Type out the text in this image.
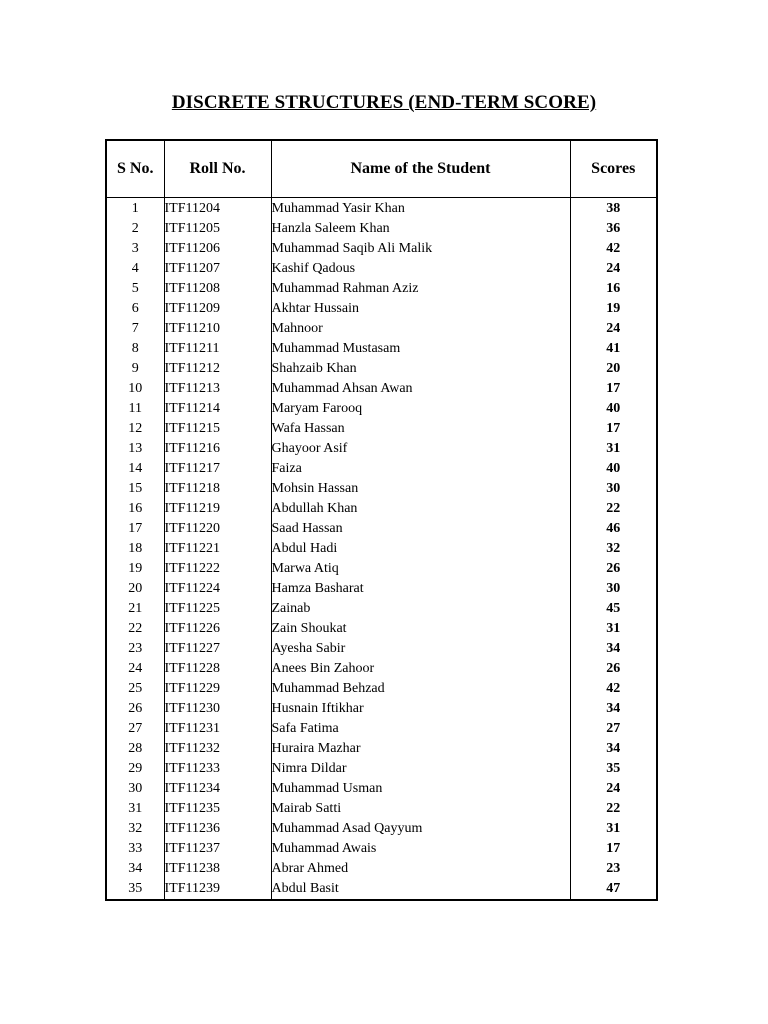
DISCRETE STRUCTURES (END-TERM SCORE)
S No.	Roll No.	Name of the Student	Scores
1	ITF11204	Muhammad Yasir Khan	38
2	ITF11205	Hanzla Saleem Khan	36
3	ITF11206	Muhammad Saqib Ali Malik	42
4	ITF11207	Kashif Qadous	24
5	ITF11208	Muhammad Rahman Aziz	16
6	ITF11209	Akhtar Hussain	19
7	ITF11210	Mahnoor	24
8	ITF11211	Muhammad Mustasam	41
9	ITF11212	Shahzaib Khan	20
10	ITF11213	Muhammad Ahsan Awan	17
11	ITF11214	Maryam Farooq	40
12	ITF11215	Wafa Hassan	17
13	ITF11216	Ghayoor Asif	31
14	ITF11217	Faiza	40
15	ITF11218	Mohsin Hassan	30
16	ITF11219	Abdullah Khan	22
17	ITF11220	Saad Hassan	46
18	ITF11221	Abdul Hadi	32
19	ITF11222	Marwa Atiq	26
20	ITF11224	Hamza Basharat	30
21	ITF11225	Zainab	45
22	ITF11226	Zain Shoukat	31
23	ITF11227	Ayesha Sabir	34
24	ITF11228	Anees Bin Zahoor	26
25	ITF11229	Muhammad Behzad	42
26	ITF11230	Husnain Iftikhar	34
27	ITF11231	Safa Fatima	27
28	ITF11232	Huraira Mazhar	34
29	ITF11233	Nimra Dildar	35
30	ITF11234	Muhammad Usman	24
31	ITF11235	Mairab Satti	22
32	ITF11236	Muhammad Asad Qayyum	31
33	ITF11237	Muhammad Awais	17
34	ITF11238	Abrar Ahmed	23
35	ITF11239	Abdul Basit	47
